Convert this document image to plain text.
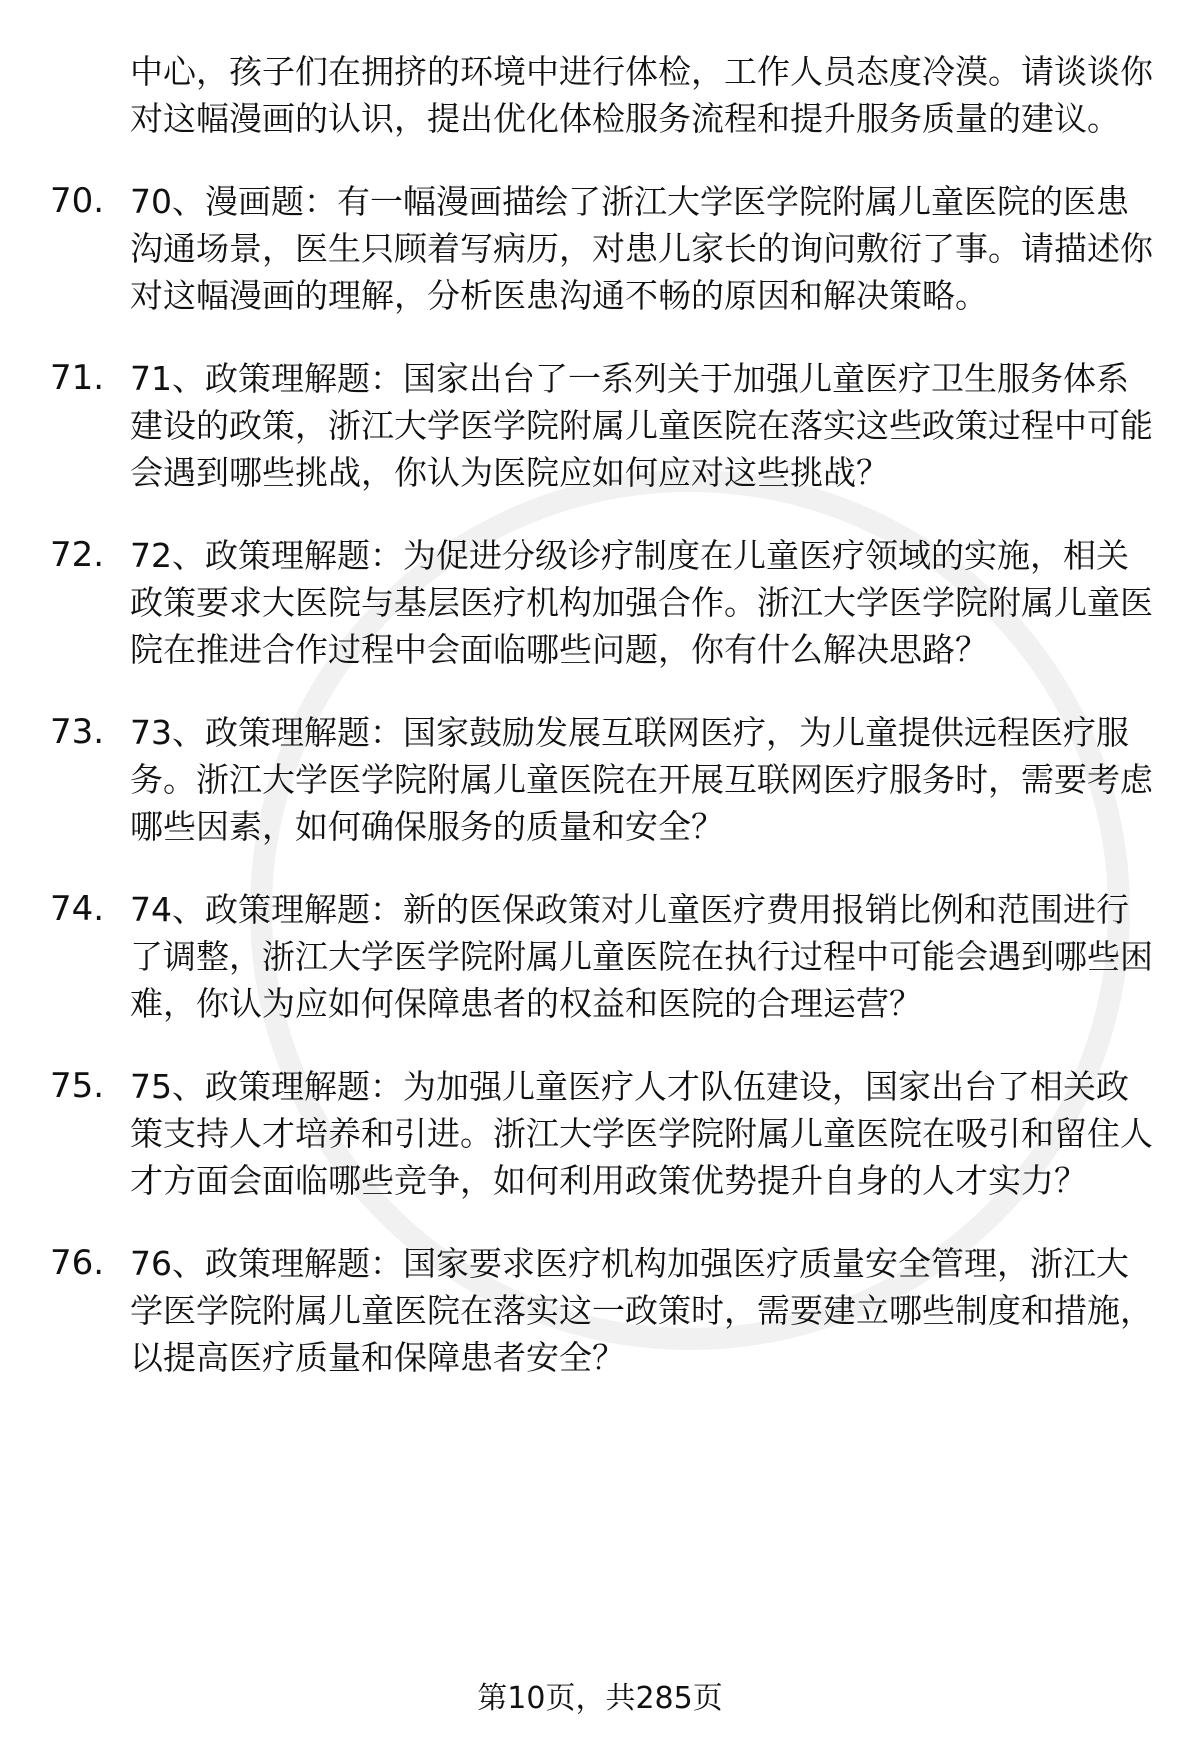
中心，孩子们在拥挤的环境中进行体检，工作人员态度冷漠。请谈谈你对这幅漫画的认识，提出优化体检服务流程和提升服务质量的建议。
70. 70、漫画题：有一幅漫画描绘了浙江大学医学院附属儿童医院的医患沟通场景，医生只顾着写病历，对患儿家长的询问敷衍了事。请描述你对这幅漫画的理解，分析医患沟通不畅的原因和解决策略。
71. 71、政策理解题：国家出台了一系列关于加强儿童医疗卫生服务体系建设的政策，浙江大学医学院附属儿童医院在落实这些政策过程中可能会遇到哪些挑战，你认为医院应如何应对这些挑战？
72. 72、政策理解题：为促进分级诊疗制度在儿童医疗领域的实施，相关政策要求大医院与基层医疗机构加强合作。浙江大学医学院附属儿童医院在推进合作过程中会面临哪些问题，你有什么解决思路？
73. 73、政策理解题：国家鼓励发展互联网医疗，为儿童提供远程医疗服务。浙江大学医学院附属儿童医院在开展互联网医疗服务时，需要考虑哪些因素，如何确保服务的质量和安全？
74. 74、政策理解题：新的医保政策对儿童医疗费用报销比例和范围进行了调整，浙江大学医学院附属儿童医院在执行过程中可能会遇到哪些困难，你认为应如何保障患者的权益和医院的合理运营？
75. 75、政策理解题：为加强儿童医疗人才队伍建设，国家出台了相关政策支持人才培养和引进。浙江大学医学院附属儿童医院在吸引和留住人才方面会面临哪些竞争，如何利用政策优势提升自身的人才实力？
76. 76、政策理解题：国家要求医疗机构加强医疗质量安全管理，浙江大学医学院附属儿童医院在落实这一政策时，需要建立哪些制度和措施，以提高医疗质量和保障患者安全？
第10页，共285页
